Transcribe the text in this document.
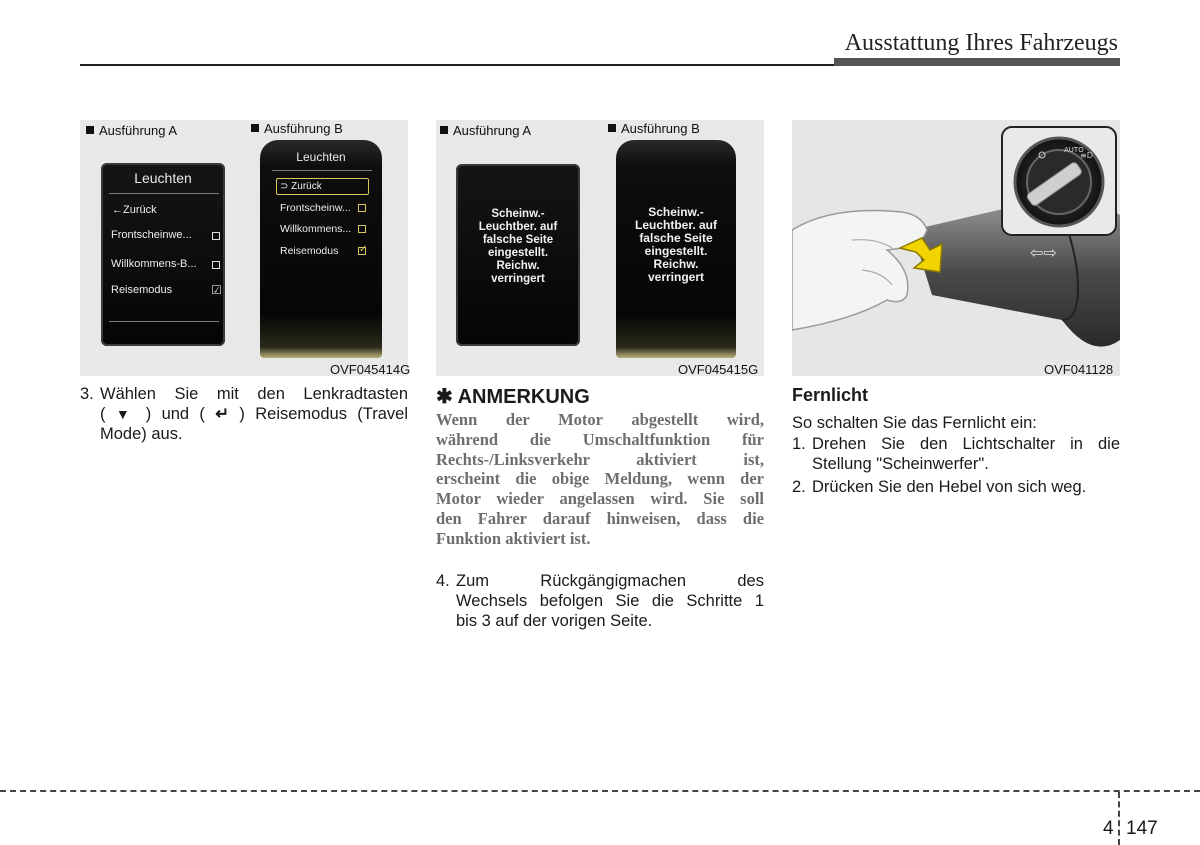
Ausstattung Ihres Fahrzeugs
Ausführung A	Ausführung B
Leuchten
←Zurück
Frontscheinwe...
Willkommens-B...
Reisemodus	☑
Leuchten
⊃ Zurück
Frontscheinw...
Willkommens...
Reisemodus ✓
OVF045414G
Ausführung A	Ausführung B
Scheinw.-
Leuchtber. auf
falsche Seite
eingestellt.
Reichw.
verringert
Scheinw.-
Leuchtber. auf
falsche Seite
eingestellt.
Reichw.
verringert
OVF045415G
⇦⇨
AUTO
≡D
OVF041128
3. Wählen Sie mit den Lenkradtasten
( ▼ ) und ( ↵ ) Reisemodus (Travel
Mode) aus.
✱ ANMERKUNG
Wenn der Motor abgestellt wird,
während die Umschaltfunktion für
Rechts-/Linksverkehr aktiviert ist,
erscheint die obige Meldung, wenn der
Motor wieder angelassen wird. Sie soll
den Fahrer darauf hinweisen, dass die
Funktion aktiviert ist.
4. Zum Rückgängigmachen des
Wechsels befolgen Sie die Schritte 1
bis 3 auf der vorigen Seite.
Fernlicht
So schalten Sie das Fernlicht ein:
1. Drehen Sie den Lichtschalter in die
Stellung "Scheinwerfer".
2. Drücken Sie den Hebel von sich weg.
4 147
